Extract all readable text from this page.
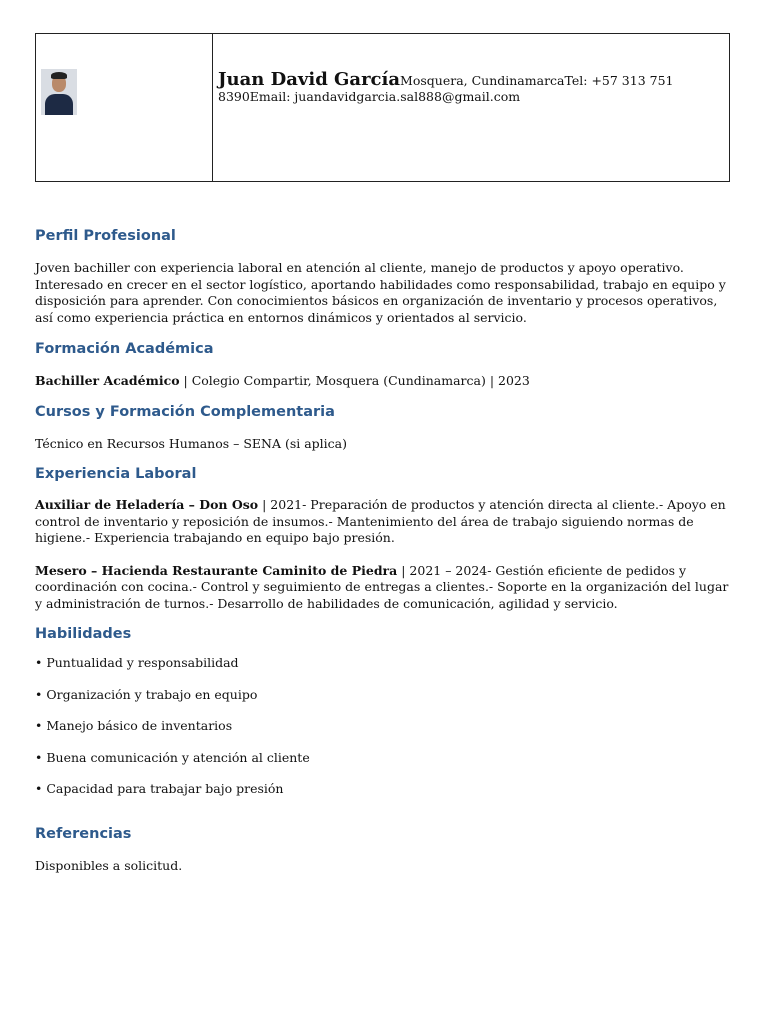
Juan David GarcíaMosquera, CundinamarcaTel: +57 313 751 8390Email: juandavidgarcia.sal888@gmail.com
Perfil Profesional

Joven bachiller con experiencia laboral en atención al cliente, manejo de productos y apoyo operativo. Interesado en crecer en el sector logístico, aportando habilidades como responsabilidad, trabajo en equipo y disposición para aprender. Con conocimientos básicos en organización de inventario y procesos operativos, así como experiencia práctica en entornos dinámicos y orientados al servicio.

Formación Académica

Bachiller Académico | Colegio Compartir, Mosquera (Cundinamarca) | 2023

Cursos y Formación Complementaria

Técnico en Recursos Humanos – SENA (si aplica)

Experiencia Laboral

Auxiliar de Heladería – Don Oso | 2021- Preparación de productos y atención directa al cliente.- Apoyo en control de inventario y reposición de insumos.- Mantenimiento del área de trabajo siguiendo normas de higiene.- Experiencia trabajando en equipo bajo presión.

Mesero – Hacienda Restaurante Caminito de Piedra | 2021 – 2024- Gestión eficiente de pedidos y coordinación con cocina.- Control y seguimiento de entregas a clientes.- Soporte en la organización del lugar y administración de turnos.- Desarrollo de habilidades de comunicación, agilidad y servicio.

Habilidades

• Puntualidad y responsabilidad

• Organización y trabajo en equipo

• Manejo básico de inventarios

• Buena comunicación y atención al cliente

• Capacidad para trabajar bajo presión

Referencias

Disponibles a solicitud.
